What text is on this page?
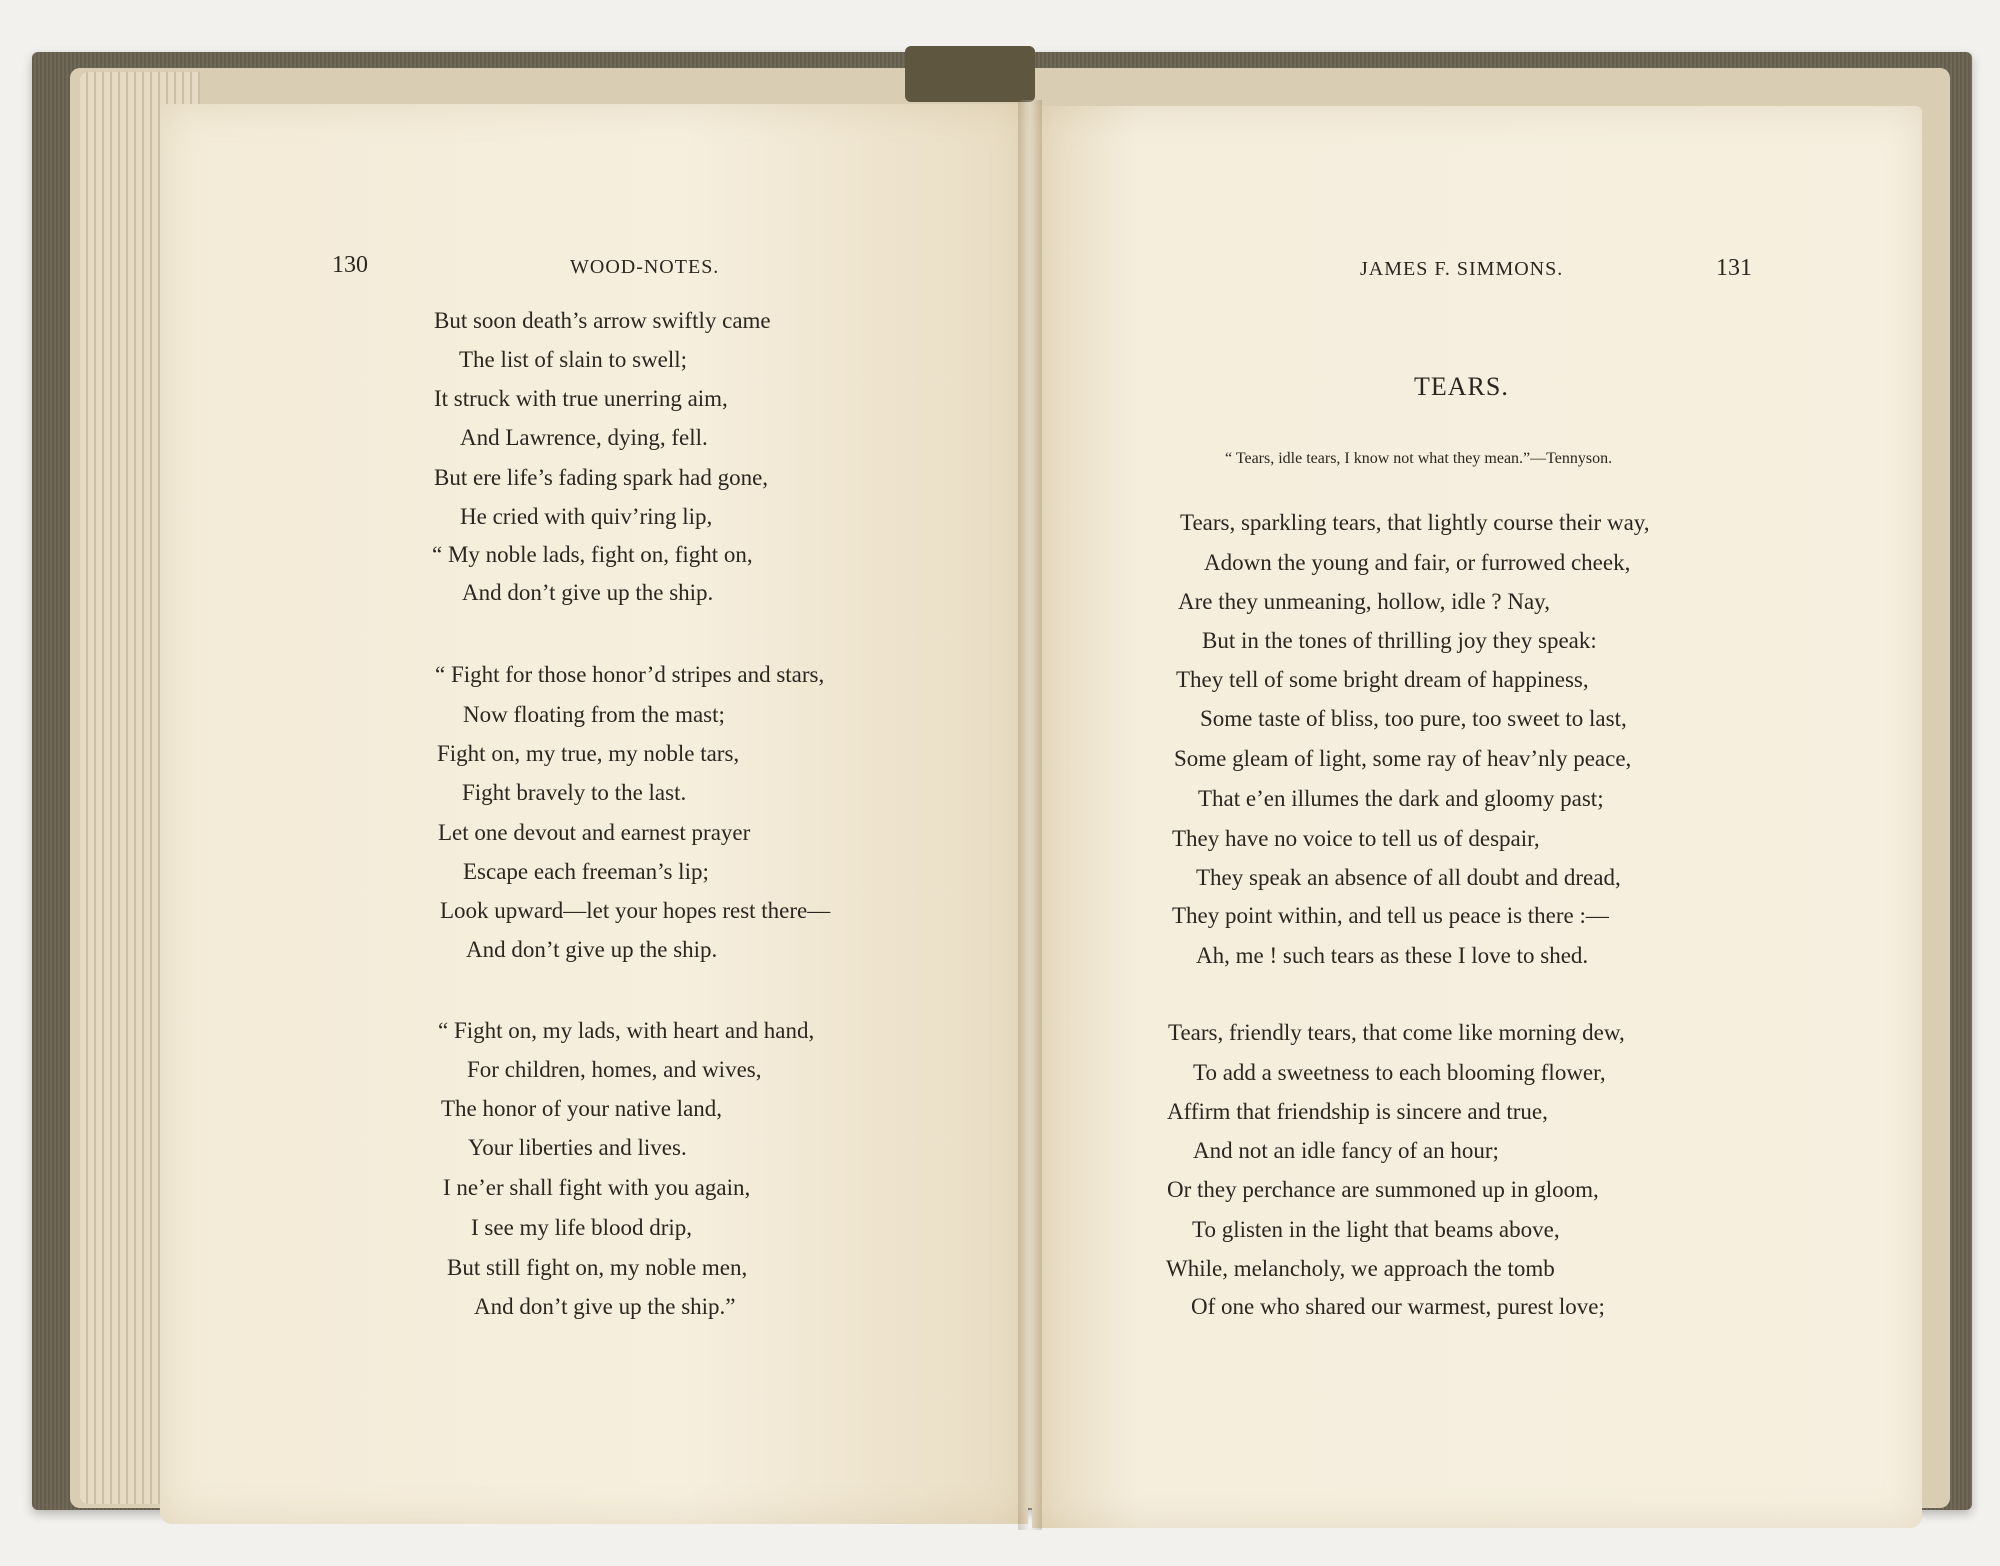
130	WOOD-NOTES.
But soon death’s arrow swiftly came
The list of slain to swell;
It struck with true unerring aim,
And Lawrence, dying, fell.
But ere life’s fading spark had gone,
He cried with quiv’ring lip,
“ My noble lads, fight on, fight on,
And don’t give up the ship.
“ Fight for those honor’d stripes and stars,
Now floating from the mast;
Fight on, my true, my noble tars,
Fight bravely to the last.
Let one devout and earnest prayer
Escape each freeman’s lip;
Look upward—let your hopes rest there—
And don’t give up the ship.
“ Fight on, my lads, with heart and hand,
For children, homes, and wives,
The honor of your native land,
Your liberties and lives.
I ne’er shall fight with you again,
I see my life blood drip,
But still fight on, my noble men,
And don’t give up the ship.”
JAMES F. SIMMONS.	131
TEARS.
“ Tears, idle tears, I know not what they mean.”—Tennyson.
Tears, sparkling tears, that lightly course their way,
Adown the young and fair, or furrowed cheek,
Are they unmeaning, hollow, idle ? Nay,
But in the tones of thrilling joy they speak:
They tell of some bright dream of happiness,
Some taste of bliss, too pure, too sweet to last,
Some gleam of light, some ray of heav’nly peace,
That e’en illumes the dark and gloomy past;
They have no voice to tell us of despair,
They speak an absence of all doubt and dread,
They point within, and tell us peace is there :—
Ah, me ! such tears as these I love to shed.
Tears, friendly tears, that come like morning dew,
To add a sweetness to each blooming flower,
Affirm that friendship is sincere and true,
And not an idle fancy of an hour;
Or they perchance are summoned up in gloom,
To glisten in the light that beams above,
While, melancholy, we approach the tomb
Of one who shared our warmest, purest love;
